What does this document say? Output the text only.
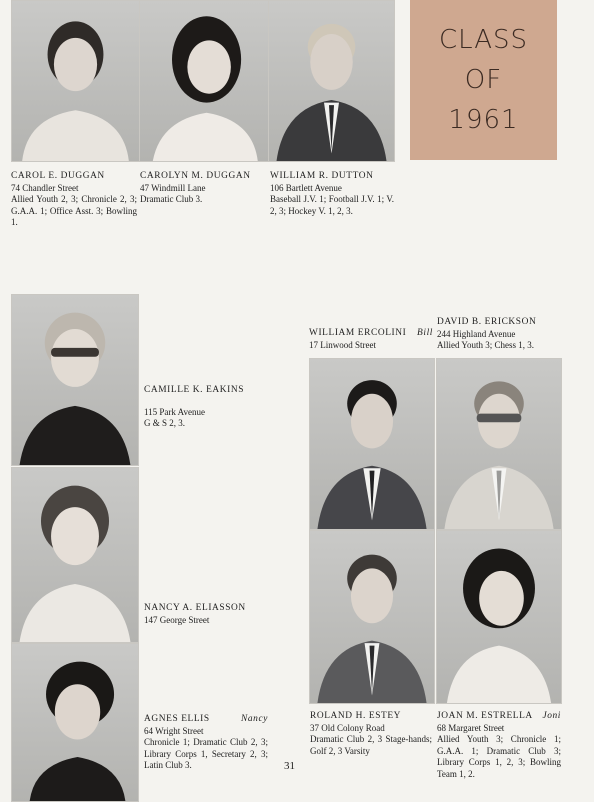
CLASS
OF
1961
CAROL E. DUGGAN
74 Chandler Street
Allied Youth 2, 3; Chronicle 2, 3; G.A.A. 1; Office Asst. 3; Bowling 1.
CAROLYN M. DUGGAN
47 Windmill Lane
Dramatic Club 3.
WILLIAM R. DUTTON
106 Bartlett Avenue
Baseball J.V. 1; Football J.V. 1; V. 2, 3; Hockey V. 1, 2, 3.
CAMILLE K. EAKINS
115 Park Avenue
G & S 2, 3.
NANCY A. ELIASSON
147 George Street
AGNES ELLIS	Nancy
64 Wright Street
Chronicle 1; Dramatic Club 2, 3; Library Corps 1, Secretary 2, 3; Latin Club 3.
WILLIAM ERCOLINI Bill
17 Linwood Street
DAVID B. ERICKSON
244 Highland Avenue
Allied Youth 3; Chess 1, 3.
ROLAND H. ESTEY
37 Old Colony Road
Dramatic Club 2, 3 Stage-hands; Golf 2, 3 Varsity
JOAN M. ESTRELLA Joni
68 Margaret Street
Allied Youth 3; Chronicle 1; G.A.A. 1; Dramatic Club 3; Library Corps 1, 2, 3; Bowling Team 1, 2.
31
